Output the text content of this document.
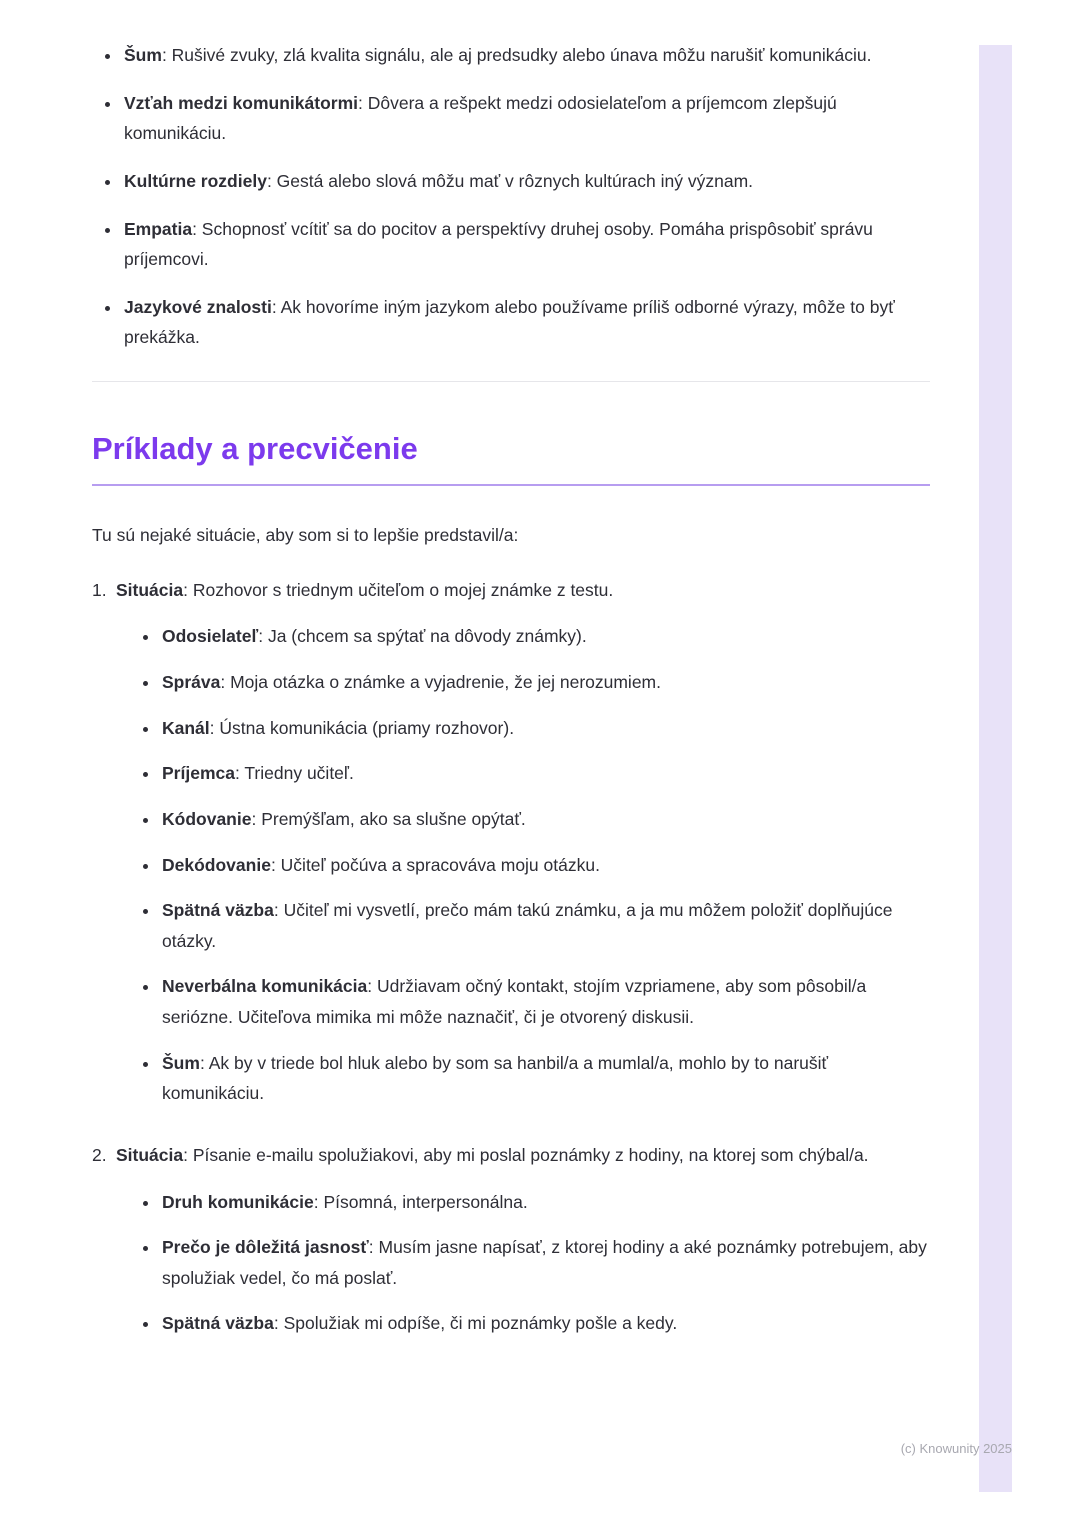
• Šum: Rušivé zvuky, zlá kvalita signálu, ale aj predsudky alebo únava môžu narušiť komunikáciu.
• Vzťah medzi komunikátormi: Dôvera a rešpekt medzi odosielateľom a príjemcom zlepšujú komunikáciu.
• Kultúrne rozdiely: Gestá alebo slová môžu mať v rôznych kultúrach iný význam.
• Empatia: Schopnosť vcítiť sa do pocitov a perspektívy druhej osoby. Pomáha prispôsobiť správu príjemcovi.
• Jazykové znalosti: Ak hovoríme iným jazykom alebo používame príliš odborné výrazy, môže to byť prekážka.
Príklady a precvičenie

Tu sú nejaké situácie, aby som si to lepšie predstavil/a:

1. Situácia: Rozhovor s triednym učiteľom o mojej známke z testu.
• Odosielateľ: Ja (chcem sa spýtať na dôvody známky).
• Správa: Moja otázka o známke a vyjadrenie, že jej nerozumiem.
• Kanál: Ústna komunikácia (priamy rozhovor).
• Príjemca: Triedny učiteľ.
• Kódovanie: Premýšľam, ako sa slušne opýtať.
• Dekódovanie: Učiteľ počúva a spracováva moju otázku.
• Spätná väzba: Učiteľ mi vysvetlí, prečo mám takú známku, a ja mu môžem položiť doplňujúce otázky.
• Neverbálna komunikácia: Udržiavam očný kontakt, stojím vzpriamene, aby som pôsobil/a seriózne. Učiteľova mimika mi môže naznačiť, či je otvorený diskusii.
• Šum: Ak by v triede bol hluk alebo by som sa hanbil/a a mumlal/a, mohlo by to narušiť komunikáciu.
2. Situácia: Písanie e-mailu spolužiakovi, aby mi poslal poznámky z hodiny, na ktorej som chýbal/a.
• Druh komunikácie: Písomná, interpersonálna.
• Prečo je dôležitá jasnosť: Musím jasne napísať, z ktorej hodiny a aké poznámky potrebujem, aby spolužiak vedel, čo má poslať.
• Spätná väzba: Spolužiak mi odpíše, či mi poznámky pošle a kedy.
(c) Knowunity 2025
